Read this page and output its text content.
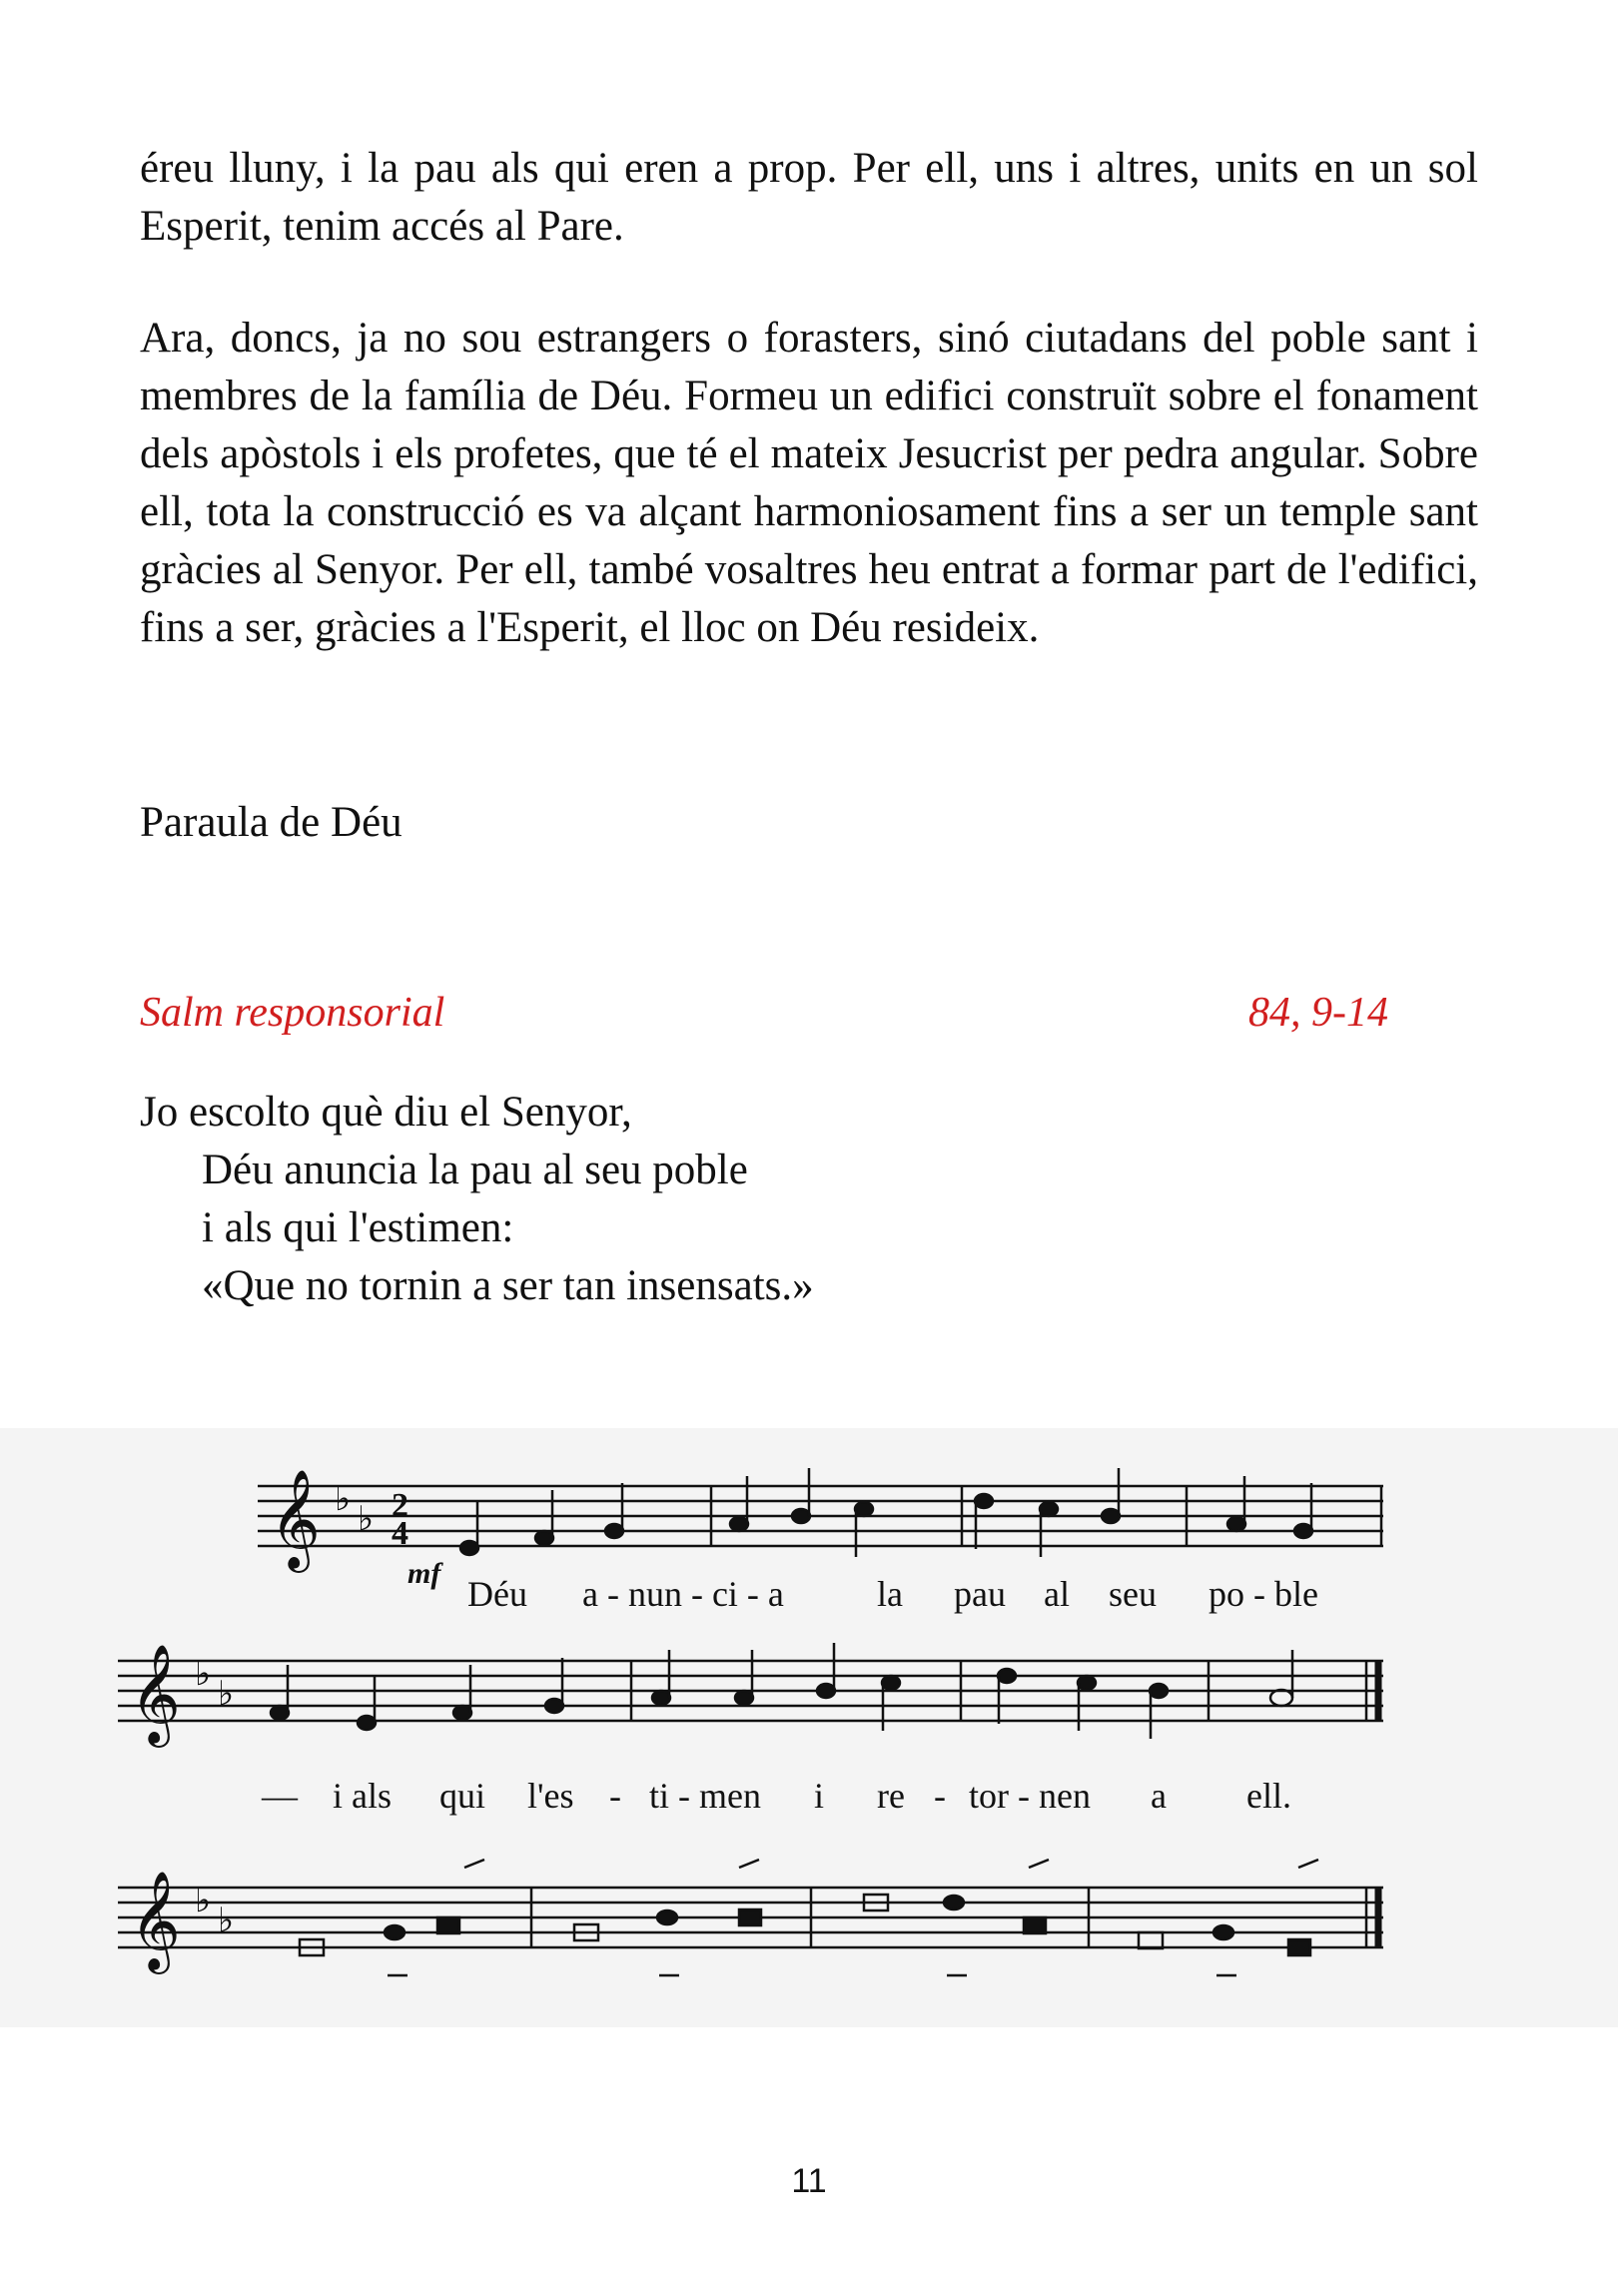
éreu lluny, i la pau als qui eren a prop. Per ell, uns i altres, units en un sol Esperit, tenim accés al Pare.

Ara, doncs, ja no sou estrangers o forasters, sinó ciutadans del poble sant i membres de la família de Déu. Formeu un edifici construït sobre el fonament dels apòstols i els profetes, que té el mateix Jesucrist per pedra angular. Sobre ell, tota la construcció es va alçant harmoniosament fins a ser un temple sant gràcies al Senyor. Per ell, també vosaltres heu entrat a formar part de l'edifici, fins a ser, gràcies a l'Esperit, el lloc on Déu resideix.

Paraula de Déu
Salm responsorial	84, 9-14
Jo escolto què diu el Senyor,
Déu anuncia la pau al seu poble
i als qui l'estimen:
«Que no tornin a ser tan insensats.»
𝄞 ♭ ♭ 2
4
mf
Déu a - nun - ci - a	la pau al seu po - ble
𝄞 ♭ ♭
— i als qui l'es - ti - men i re - tor - nen a ell.
𝄞 ♭ ♭
11
